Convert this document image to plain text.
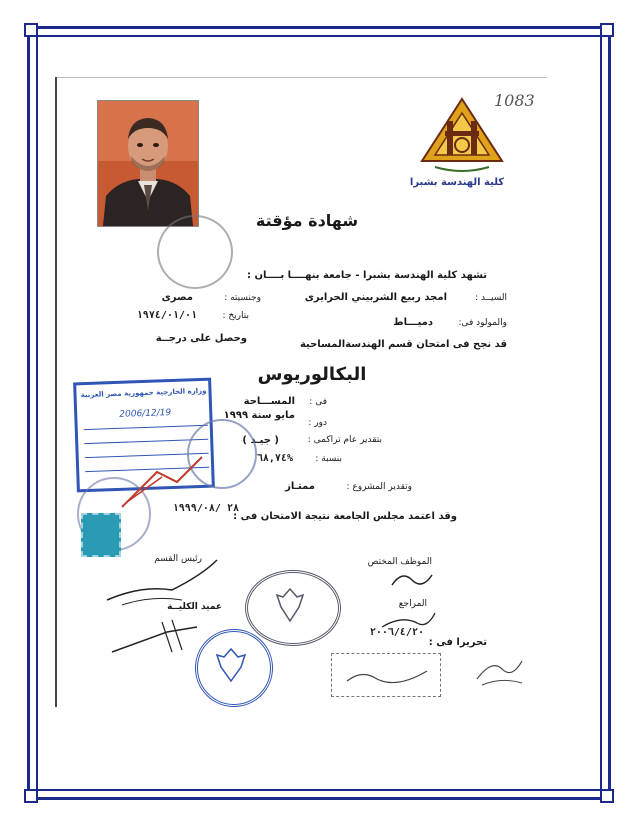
كلية الهندسة بشبرا
1083
شهادة مؤقتة
تشهد كلية الهندسة بشبرا - جامعة بنهــــا بــــان :
السيــد :
امجد ربيع الشربيني الحرايرى
وجنسيته :
مصرى
والمولود فى:
دميـــاط
بتاريخ :
١٩٧٤/٠١/٠١
قد نجح فى امتحان قسم الهندسةالمساحية
وحصل على درجــة
البكالوريوس
فى :
المســـاحة
دور :
مايو سنة ١٩٩٩
بتقدير عام تراكمى :
( جيـد )
بنسبة :
٦٨,٧٤%
وتقدير المشروع :
ممتـاز
وقد اعتمد مجلس الجامعة نتيجة الامتحان فى :
٢٨ /١٩٩٩/٠٨
وزارة الخارجية جمهورية مصر العربية
2006/12/19
رئيس القسم
عميد الكليــة
الموظف المختص
المراجع
تحريرا فى :
٢٠٠٦/٤/٢٠
